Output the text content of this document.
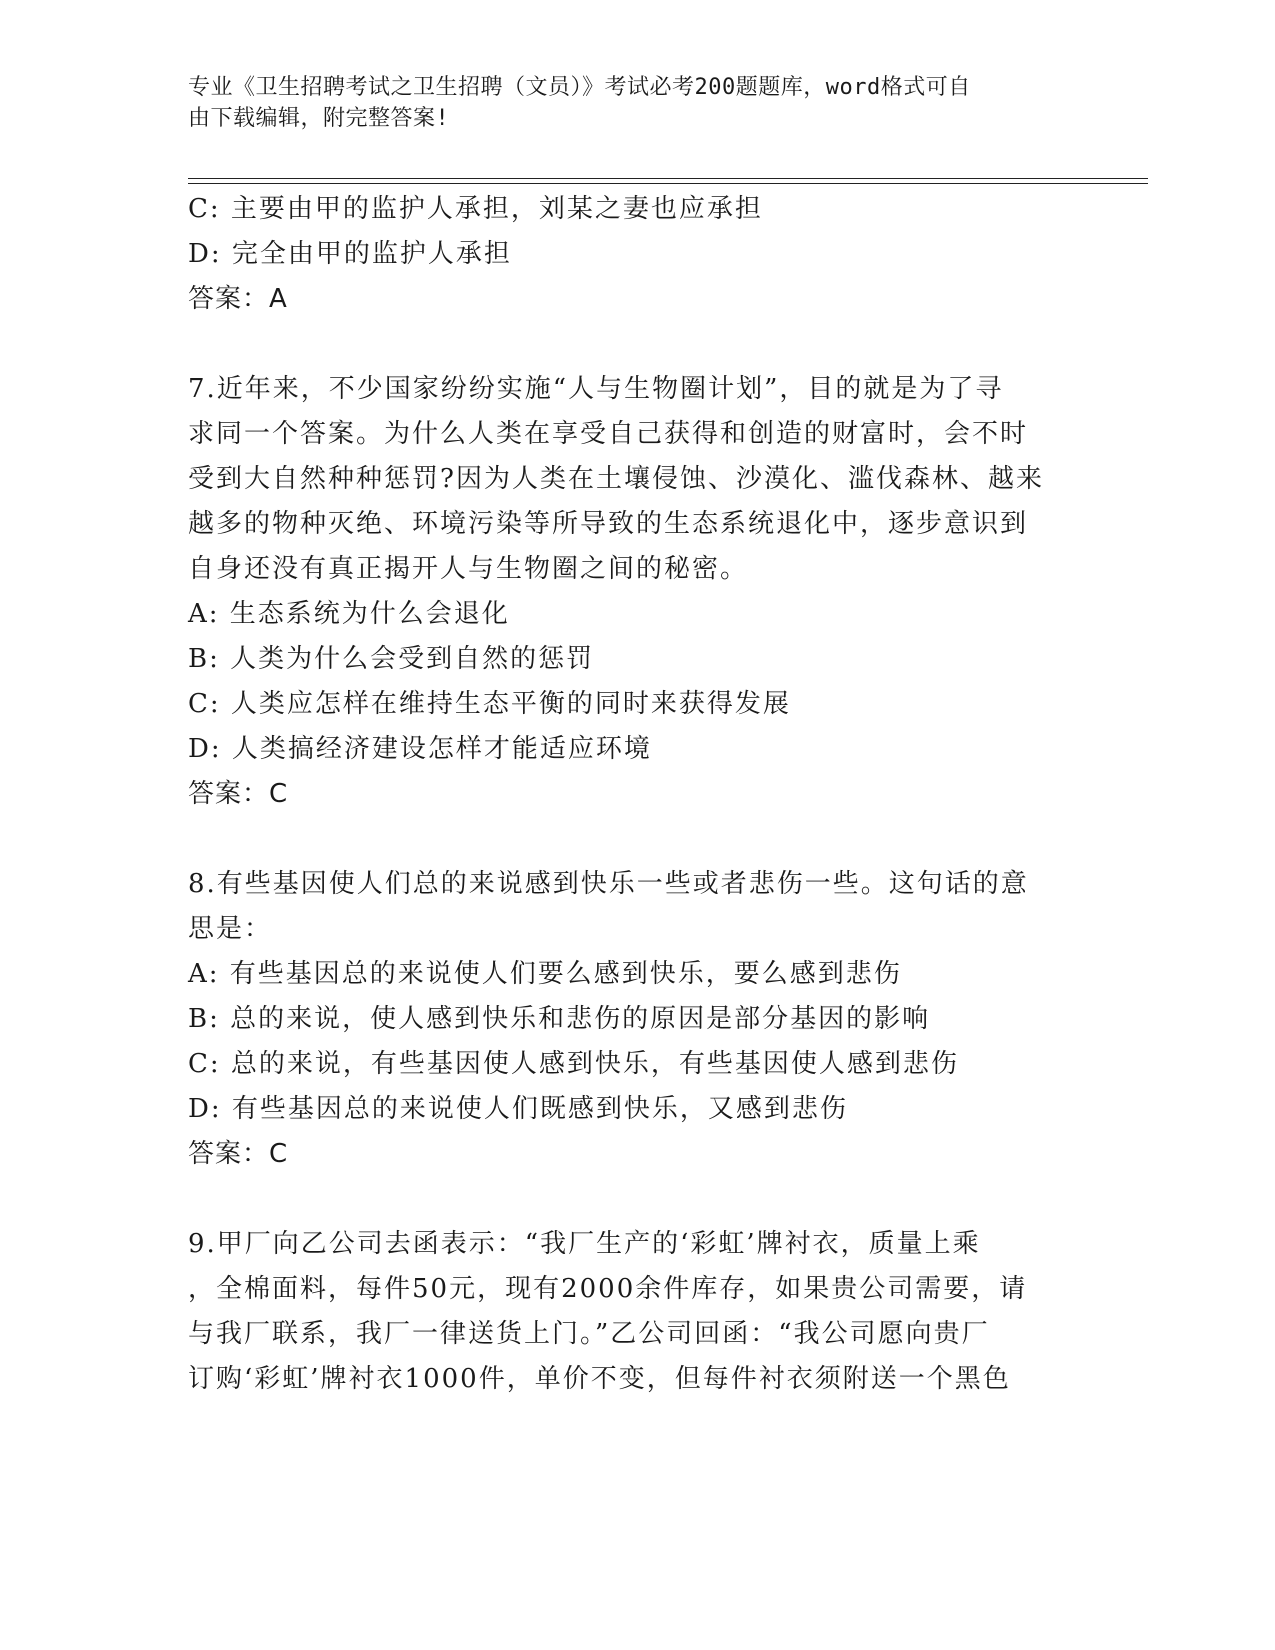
专业《卫生招聘考试之卫生招聘（文员）》考试必考200题题库，word格式可自
由下载编辑，附完整答案!
C: 主要由甲的监护人承担，刘某之妻也应承担
D: 完全由甲的监护人承担
答案：A
7.近年来，不少国家纷纷实施“人与生物圈计划”，目的就是为了寻
求同一个答案。为什么人类在享受自己获得和创造的财富时，会不时
受到大自然种种惩罚?因为人类在土壤侵蚀、沙漠化、滥伐森林、越来
越多的物种灭绝、环境污染等所导致的生态系统退化中，逐步意识到
自身还没有真正揭开人与生物圈之间的秘密。
A: 生态系统为什么会退化
B: 人类为什么会受到自然的惩罚
C: 人类应怎样在维持生态平衡的同时来获得发展
D: 人类搞经济建设怎样才能适应环境
答案：C
8.有些基因使人们总的来说感到快乐一些或者悲伤一些。这句话的意
思是：
A: 有些基因总的来说使人们要么感到快乐，要么感到悲伤
B: 总的来说，使人感到快乐和悲伤的原因是部分基因的影响
C: 总的来说，有些基因使人感到快乐，有些基因使人感到悲伤
D: 有些基因总的来说使人们既感到快乐，又感到悲伤
答案：C
9.甲厂向乙公司去函表示：“我厂生产的‘彩虹’牌衬衣，质量上乘
，全棉面料，每件50元，现有2000余件库存，如果贵公司需要，请
与我厂联系，我厂一律送货上门。”乙公司回函：“我公司愿向贵厂
订购‘彩虹’牌衬衣1000件，单价不变，但每件衬衣须附送一个黑色
